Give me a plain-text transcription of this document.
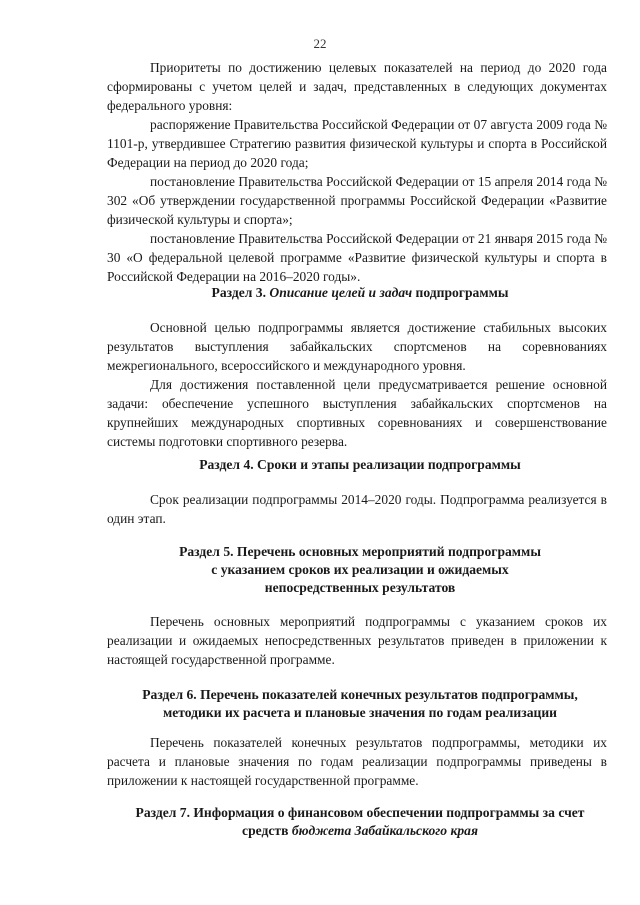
22

Приоритеты по достижению целевых показателей на период до 2020 года сформированы с учетом целей и задач, представленных в следующих документах федерального уровня:

распоряжение Правительства Российской Федерации от 07 августа 2009 года № 1101-р, утвердившее Стратегию развития физической культуры и спорта в Российской Федерации на период до 2020 года;

постановление Правительства Российской Федерации от 15 апреля 2014 года № 302 «Об утверждении государственной программы Российской Федерации «Развитие физической культуры и спорта»;

постановление Правительства Российской Федерации от 21 января 2015 года № 30 «О федеральной целевой программе «Развитие физической культуры и спорта в Российской Федерации на 2016–2020 годы».

Раздел 3. Описание целей и задач подпрограммы

Основной целью подпрограммы является достижение стабильных высоких результатов выступления забайкальских спортсменов на соревнованиях межрегионального, всероссийского и международного уровня.

Для достижения поставленной цели предусматривается решение основной задачи: обеспечение успешного выступления забайкальских спортсменов на крупнейших международных спортивных соревнованиях и совершенствование системы подготовки спортивного резерва.

Раздел 4. Сроки и этапы реализации подпрограммы

Срок реализации подпрограммы 2014–2020 годы. Подпрограмма реализуется в один этап.

Раздел 5. Перечень основных мероприятий подпрограммы
с указанием сроков их реализации и ожидаемых
непосредственных результатов

Перечень основных мероприятий подпрограммы с указанием сроков их реализации и ожидаемых непосредственных результатов приведен в приложении к настоящей государственной программе.

Раздел 6. Перечень показателей конечных результатов подпрограммы,
методики их расчета и плановые значения по годам реализации

Перечень показателей конечных результатов подпрограммы, методики их расчета и плановые значения по годам реализации подпрограммы приведены в приложении к настоящей государственной программе.

Раздел 7. Информация о финансовом обеспечении подпрограммы за счет
средств бюджета Забайкальского края
